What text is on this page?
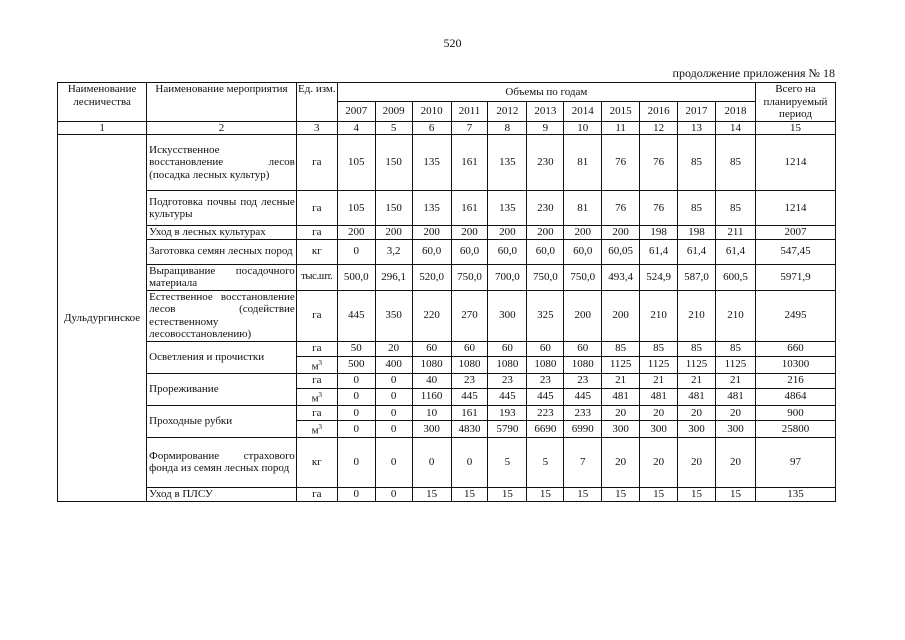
520
продолжение приложения № 18
Наименование лесничества	Наименование мероприятия	Ед. изм.	Объемы по годам											Всего на планируемый период
			2007	2009	2010	2011	2012	2013	2014	2015	2016	2017	2018	
1	2	3	4	5	6	7	8	9	10	11	12	13	14	15
Дульдургинское	Искусственное восстановление лесов (посадка лесных культур)	га	105	150	135	161	135	230	81	76	76	85	85	1214
	Подготовка почвы под лесные культуры	га	105	150	135	161	135	230	81	76	76	85	85	1214
	Уход в лесных культурах	га	200	200	200	200	200	200	200	200	198	198	211	2007
	Заготовка семян лесных пород	кг	0	3,2	60,0	60,0	60,0	60,0	60,0	60,05	61,4	61,4	61,4	547,45
	Выращивание посадочного материала	тыс.шт.	500,0	296,1	520,0	750,0	700,0	750,0	750,0	493,4	524,9	587,0	600,5	5971,9
	Естественное восстановление лесов (содействие естественному лесовосстановлению)	га	445	350	220	270	300	325	200	200	210	210	210	2495
	Осветления и прочистки	га	50	20	60	60	60	60	60	85	85	85	85	660
		$м^3$	500	400	1080	1080	1080	1080	1080	1125	1125	1125	1125	10300
	Прореживание	га	0	0	40	23	23	23	23	21	21	21	21	216
		$м^3$	0	0	1160	445	445	445	445	481	481	481	481	4864
	Проходные рубки	га	0	0	10	161	193	223	233	20	20	20	20	900
		$м^3$	0	0	300	4830	5790	6690	6990	300	300	300	300	25800
	Формирование страхового фонда из семян лесных пород	кг	0	0	0	0	5	5	7	20	20	20	20	97
	Уход в ПЛСУ	га	0	0	15	15	15	15	15	15	15	15	15	135
